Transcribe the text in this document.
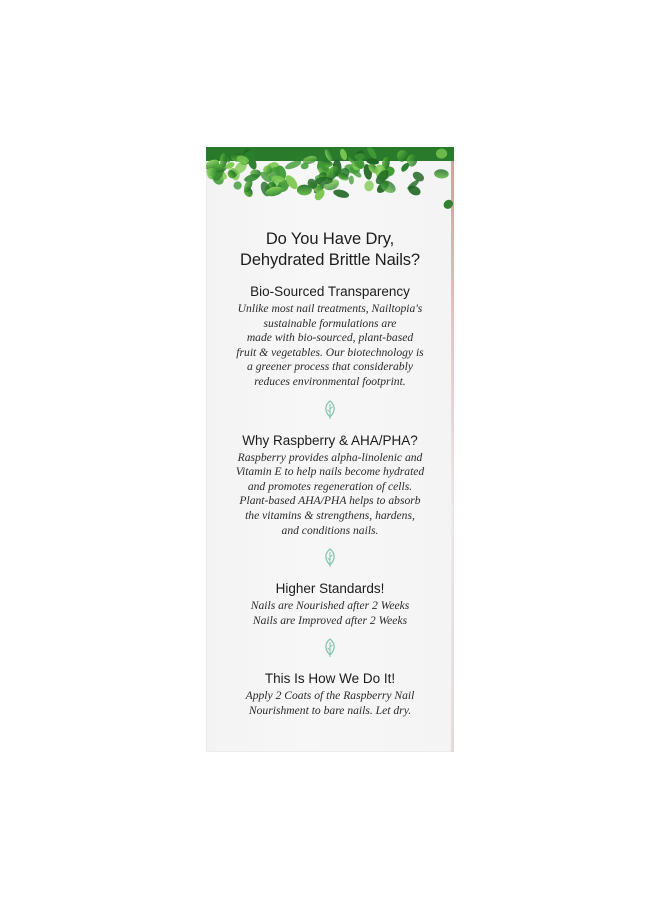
Do You Have Dry,
Dehydrated Brittle Nails?
Bio-Sourced Transparency
Unlike most nail treatments, Nailtopia's
sustainable formulations are
made with bio-sourced, plant-based
fruit & vegetables. Our biotechnology is
a greener process that considerably
reduces environmental footprint.
Why Raspberry & AHA/PHA?
Raspberry provides alpha-linolenic and
Vitamin E to help nails become hydrated
and promotes regeneration of cells.
Plant-based AHA/PHA helps to absorb
the vitamins & strengthens, hardens,
and conditions nails.
Higher Standards!
Nails are Nourished after 2 Weeks
Nails are Improved after 2 Weeks
This Is How We Do It!
Apply 2 Coats of the Raspberry Nail
Nourishment to bare nails. Let dry.
